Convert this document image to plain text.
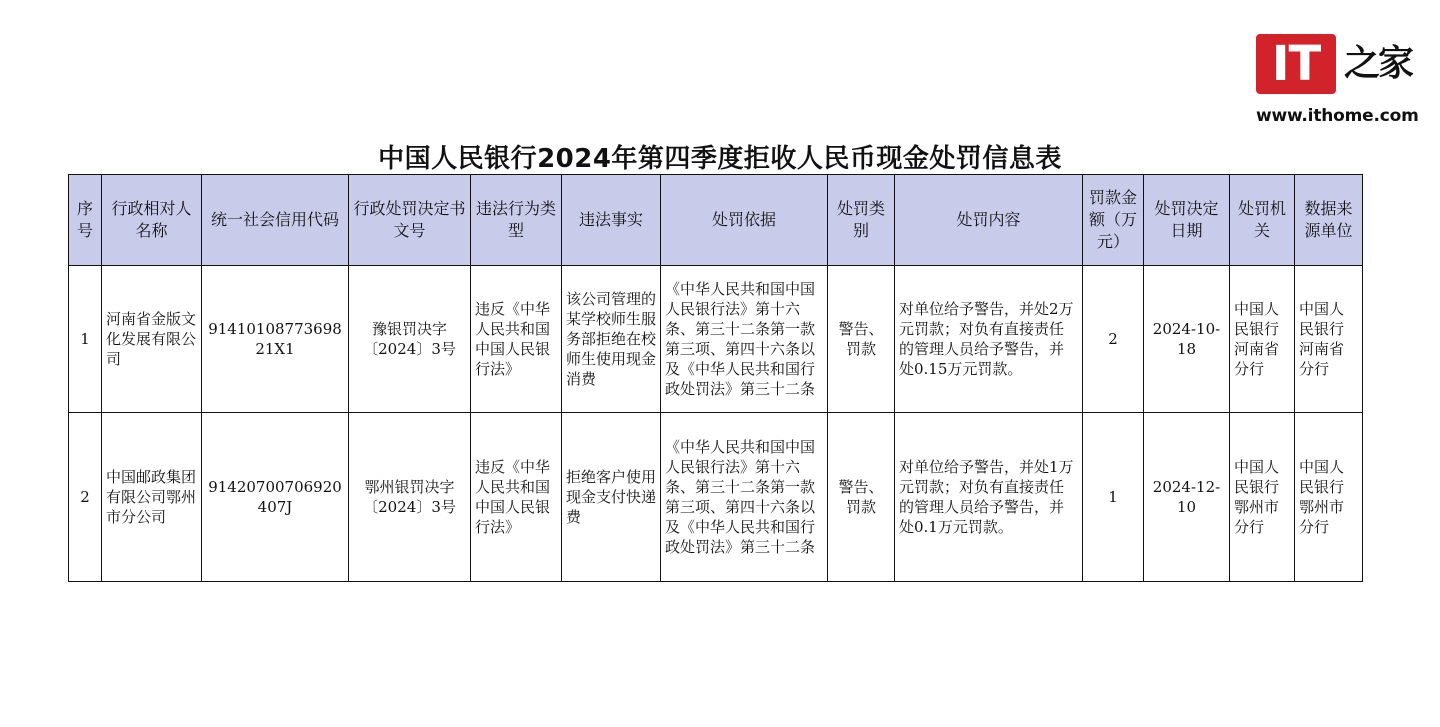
IT 之家
www.ithome.com
中国人民银行2024年第四季度拒收人民币现金处罚信息表
序号	行政相对人名称	统一社会信用代码	行政处罚决定书文号	违法行为类型	违法事实	处罚依据	处罚类别	处罚内容	罚款金额（万元）	处罚决定日期	处罚机关	数据来源单位
1	河南省金版文化发展有限公司	9141010877369821X1	豫银罚决字〔2024〕3号	违反《中华人民共和国中国人民银行法》	该公司管理的某学校师生服务部拒绝在校师生使用现金消费	《中华人民共和国中国人民银行法》第十六条、第三十二条第一款第三项、第四十六条以及《中华人民共和国行政处罚法》第三十二条	警告、罚款	对单位给予警告，并处2万元罚款；对负有直接责任的管理人员给予警告，并处0.15万元罚款。	2	2024-10-18	中国人民银行河南省分行	中国人民银行河南省分行
2	中国邮政集团有限公司鄂州市分公司	91420700706920407J	鄂州银罚决字〔2024〕3号	违反《中华人民共和国中国人民银行法》	拒绝客户使用现金支付快递费	《中华人民共和国中国人民银行法》第十六条、第三十二条第一款第三项、第四十六条以及《中华人民共和国行政处罚法》第三十二条	警告、罚款	对单位给予警告，并处1万元罚款；对负有直接责任的管理人员给予警告，并处0.1万元罚款。	1	2024-12-10	中国人民银行鄂州市分行	中国人民银行鄂州市分行
